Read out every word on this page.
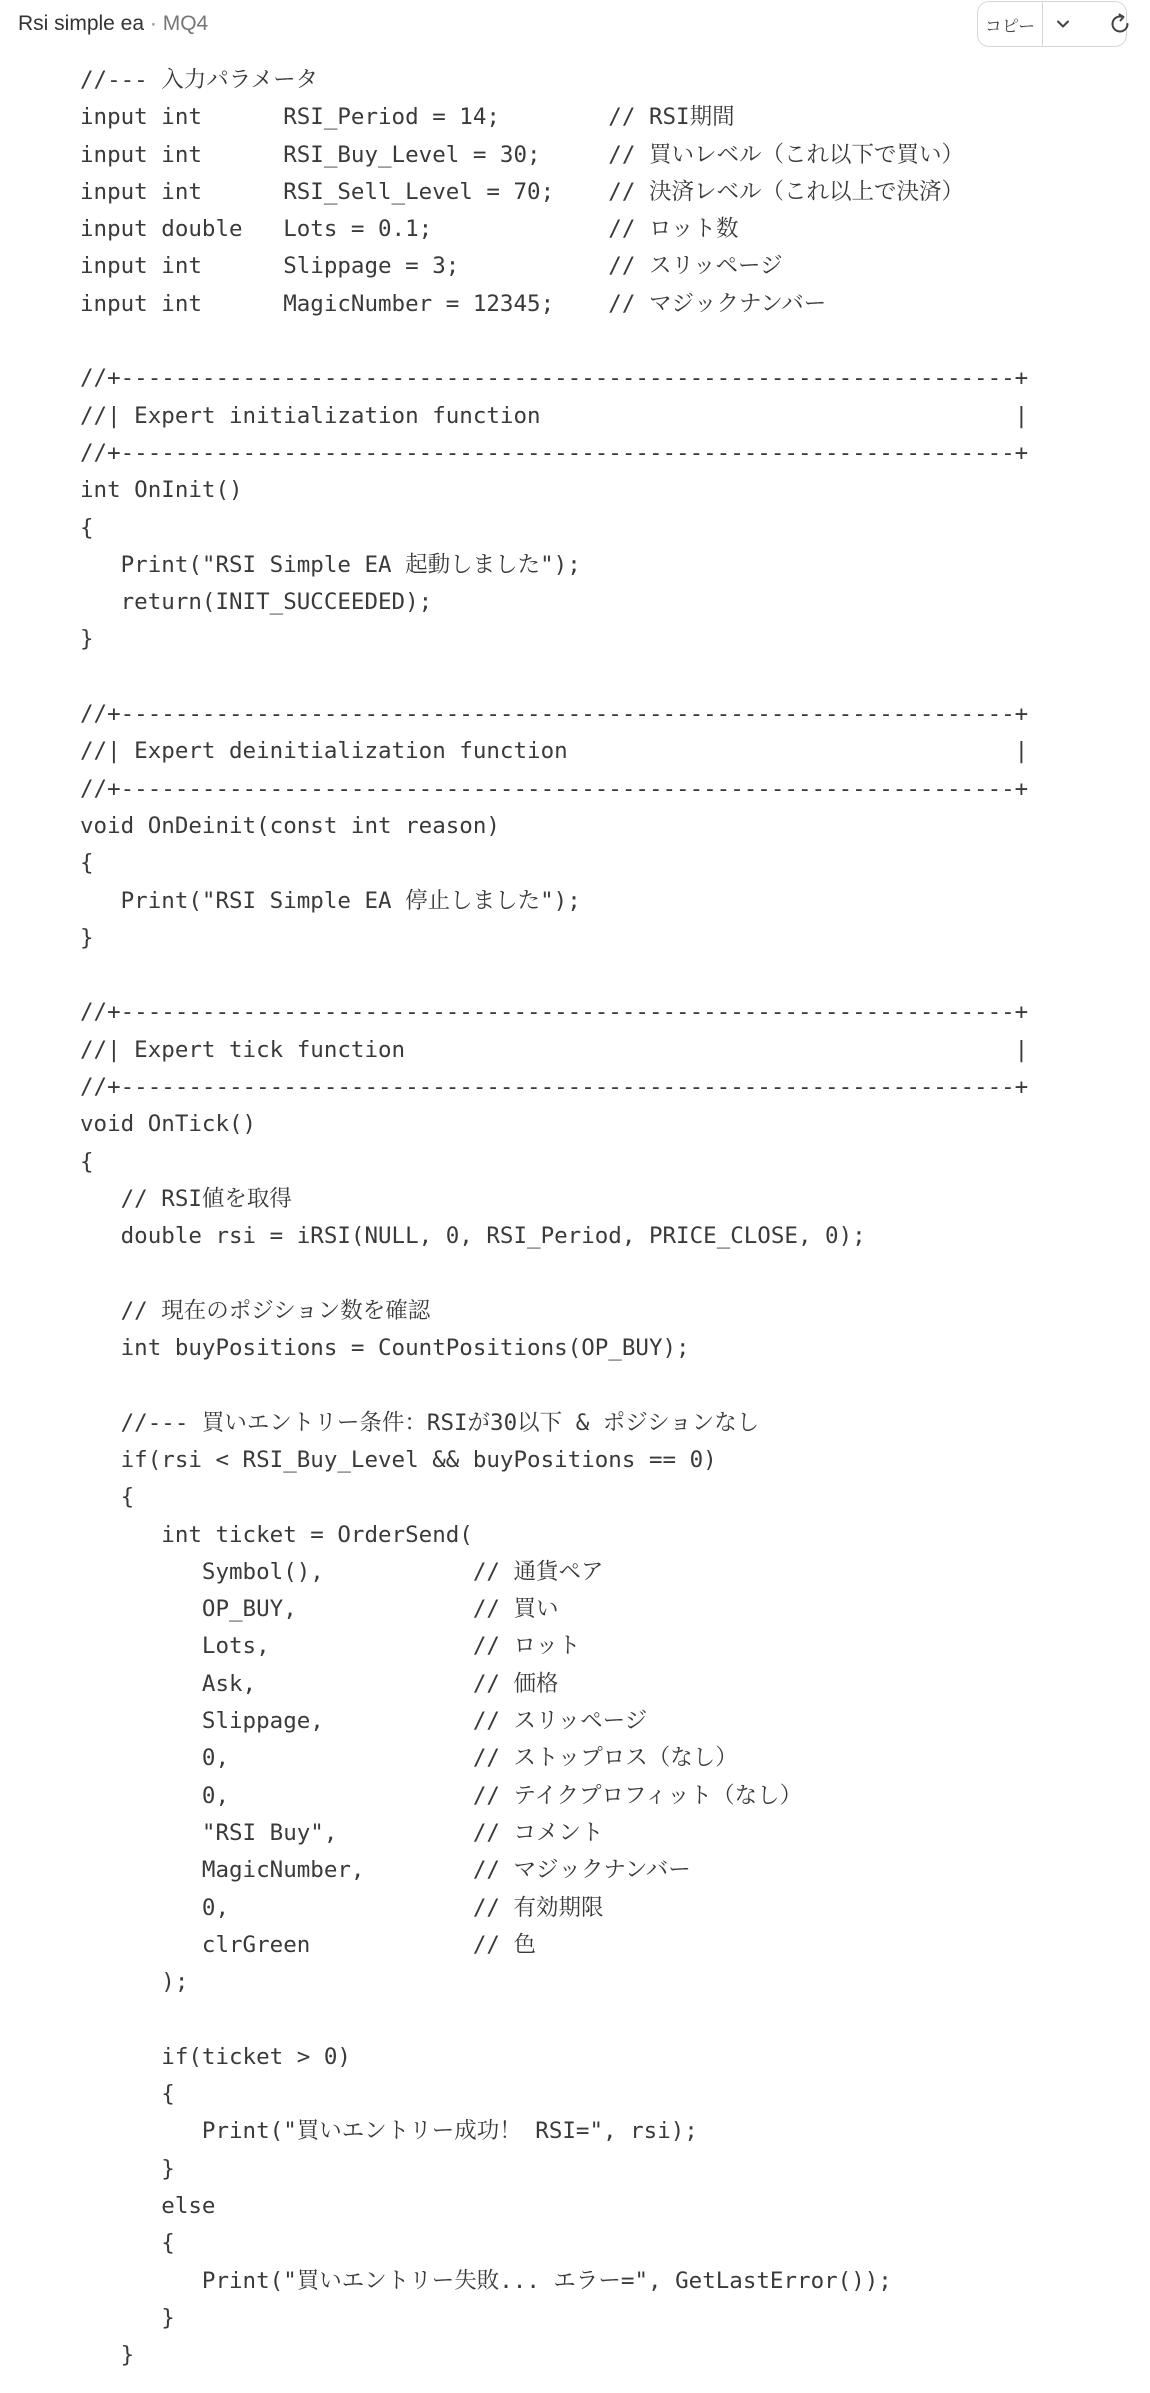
Rsi simple ea · MQ4	コピー
//--- 入力パラメータ
input int      RSI_Period = 14;        // RSI期間
input int      RSI_Buy_Level = 30;     // 買いレベル（これ以下で買い）
input int      RSI_Sell_Level = 70;    // 決済レベル（これ以上で決済）
input double   Lots = 0.1;             // ロット数
input int      Slippage = 3;           // スリッページ
input int      MagicNumber = 12345;    // マジックナンバー
//+------------------------------------------------------------------+
//| Expert initialization function                                   |
//+------------------------------------------------------------------+
int OnInit()
{
Print("RSI Simple EA 起動しました");
return(INIT_SUCCEEDED);
}
//+------------------------------------------------------------------+
//| Expert deinitialization function                                 |
//+------------------------------------------------------------------+
void OnDeinit(const int reason)
{
Print("RSI Simple EA 停止しました");
}
//+------------------------------------------------------------------+
//| Expert tick function                                             |
//+------------------------------------------------------------------+
void OnTick()
{
// RSI値を取得
double rsi = iRSI(NULL, 0, RSI_Period, PRICE_CLOSE, 0);
// 現在のポジション数を確認
int buyPositions = CountPositions(OP_BUY);
//--- 買いエントリー条件：RSIが30以下 & ポジションなし
if(rsi < RSI_Buy_Level && buyPositions == 0)
{
int ticket = OrderSend(
Symbol(),           // 通貨ペア
OP_BUY,             // 買い
Lots,               // ロット
Ask,                // 価格
Slippage,           // スリッページ
0,                  // ストップロス（なし）
0,                  // テイクプロフィット（なし）
"RSI Buy",          // コメント
MagicNumber,        // マジックナンバー
0,                  // 有効期限
clrGreen            // 色
);
if(ticket > 0)
{
Print("買いエントリー成功！ RSI=", rsi);
}
else
{
Print("買いエントリー失敗... エラー=", GetLastError());
}
}
